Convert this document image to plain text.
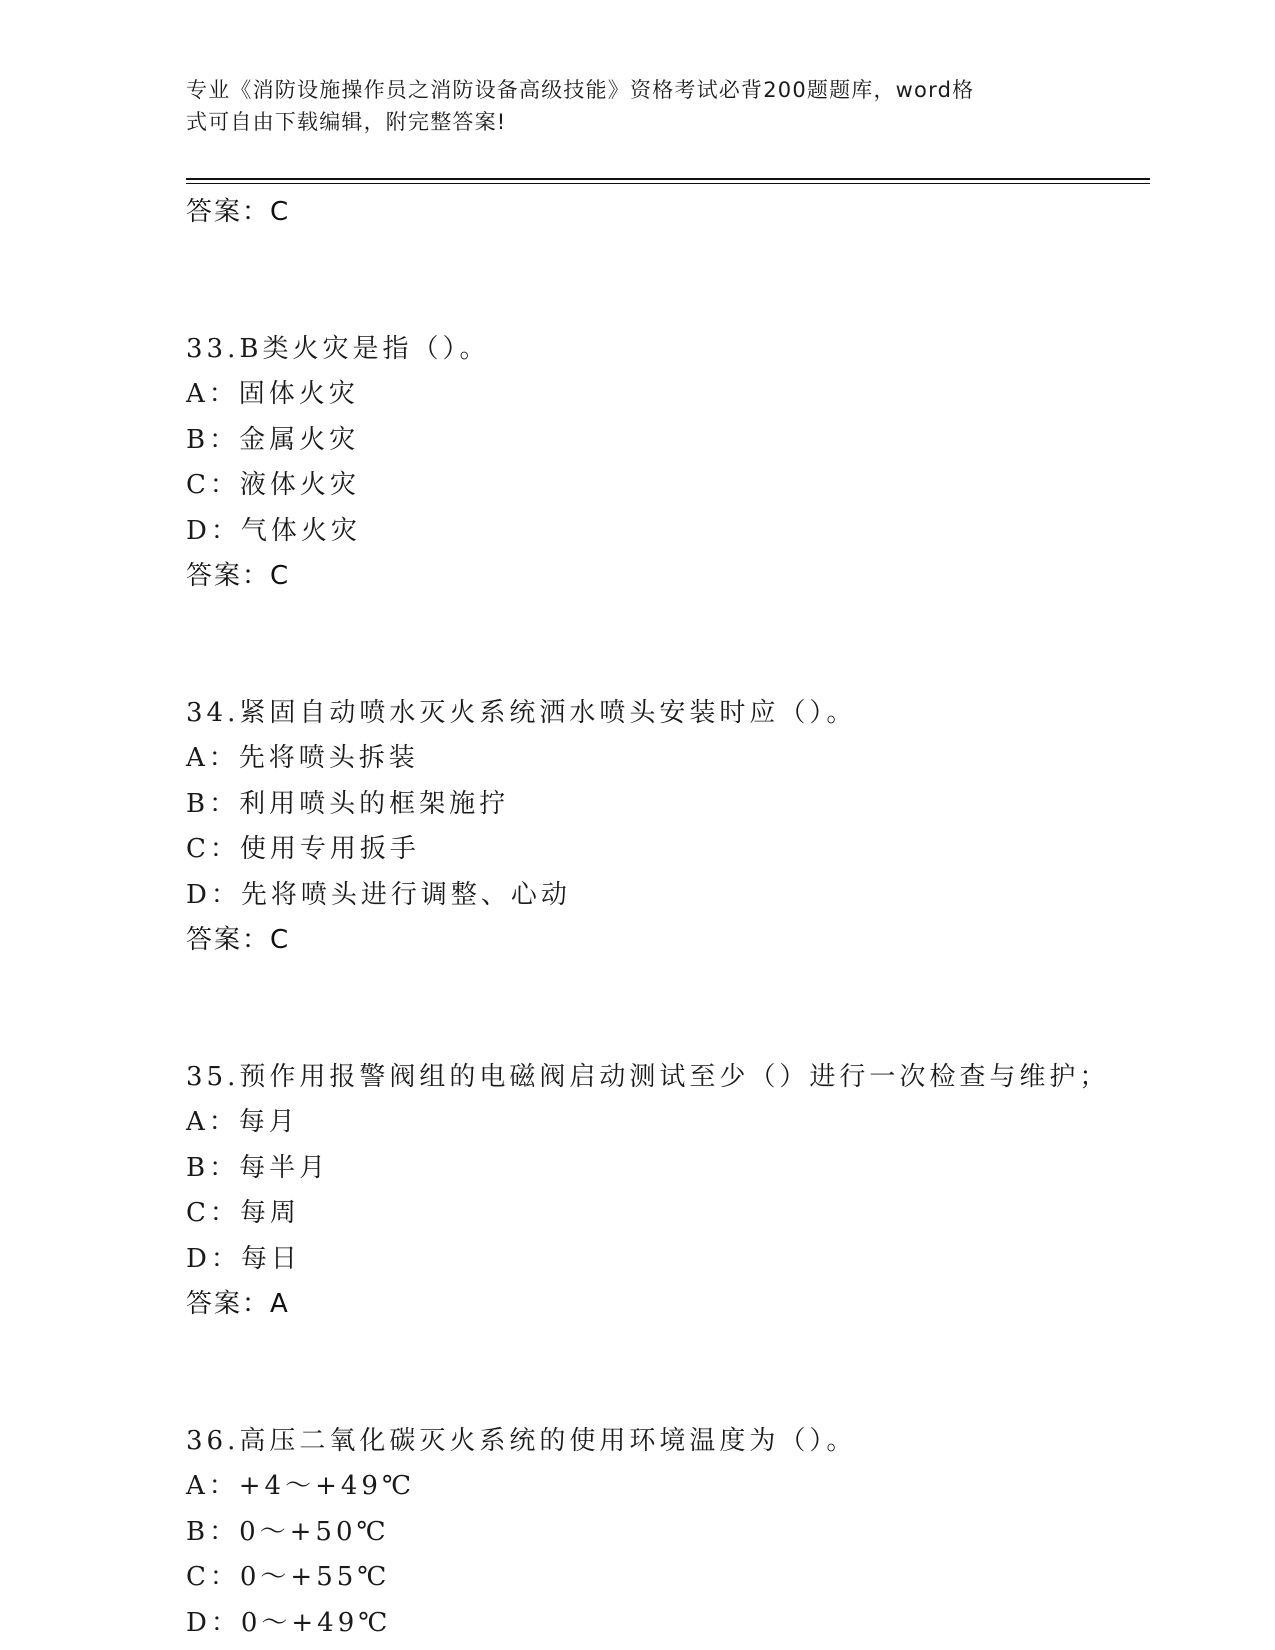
专业《消防设施操作员之消防设备高级技能》资格考试必背200题题库，word格
式可自由下载编辑，附完整答案!
答案：C
33.B类火灾是指（）。
A：固体火灾
B：金属火灾
C：液体火灾
D：气体火灾
答案：C
34.紧固自动喷水灭火系统洒水喷头安装时应（）。
A：先将喷头拆装
B：利用喷头的框架施拧
C：使用专用扳手
D：先将喷头进行调整、心动
答案：C
35.预作用报警阀组的电磁阀启动测试至少（）进行一次检查与维护；
A：每月
B：每半月
C：每周
D：每日
答案：A
36.高压二氧化碳灭火系统的使用环境温度为（）。
A：+4～+49℃
B：0～+50℃
C：0～+55℃
D：0～+49℃
